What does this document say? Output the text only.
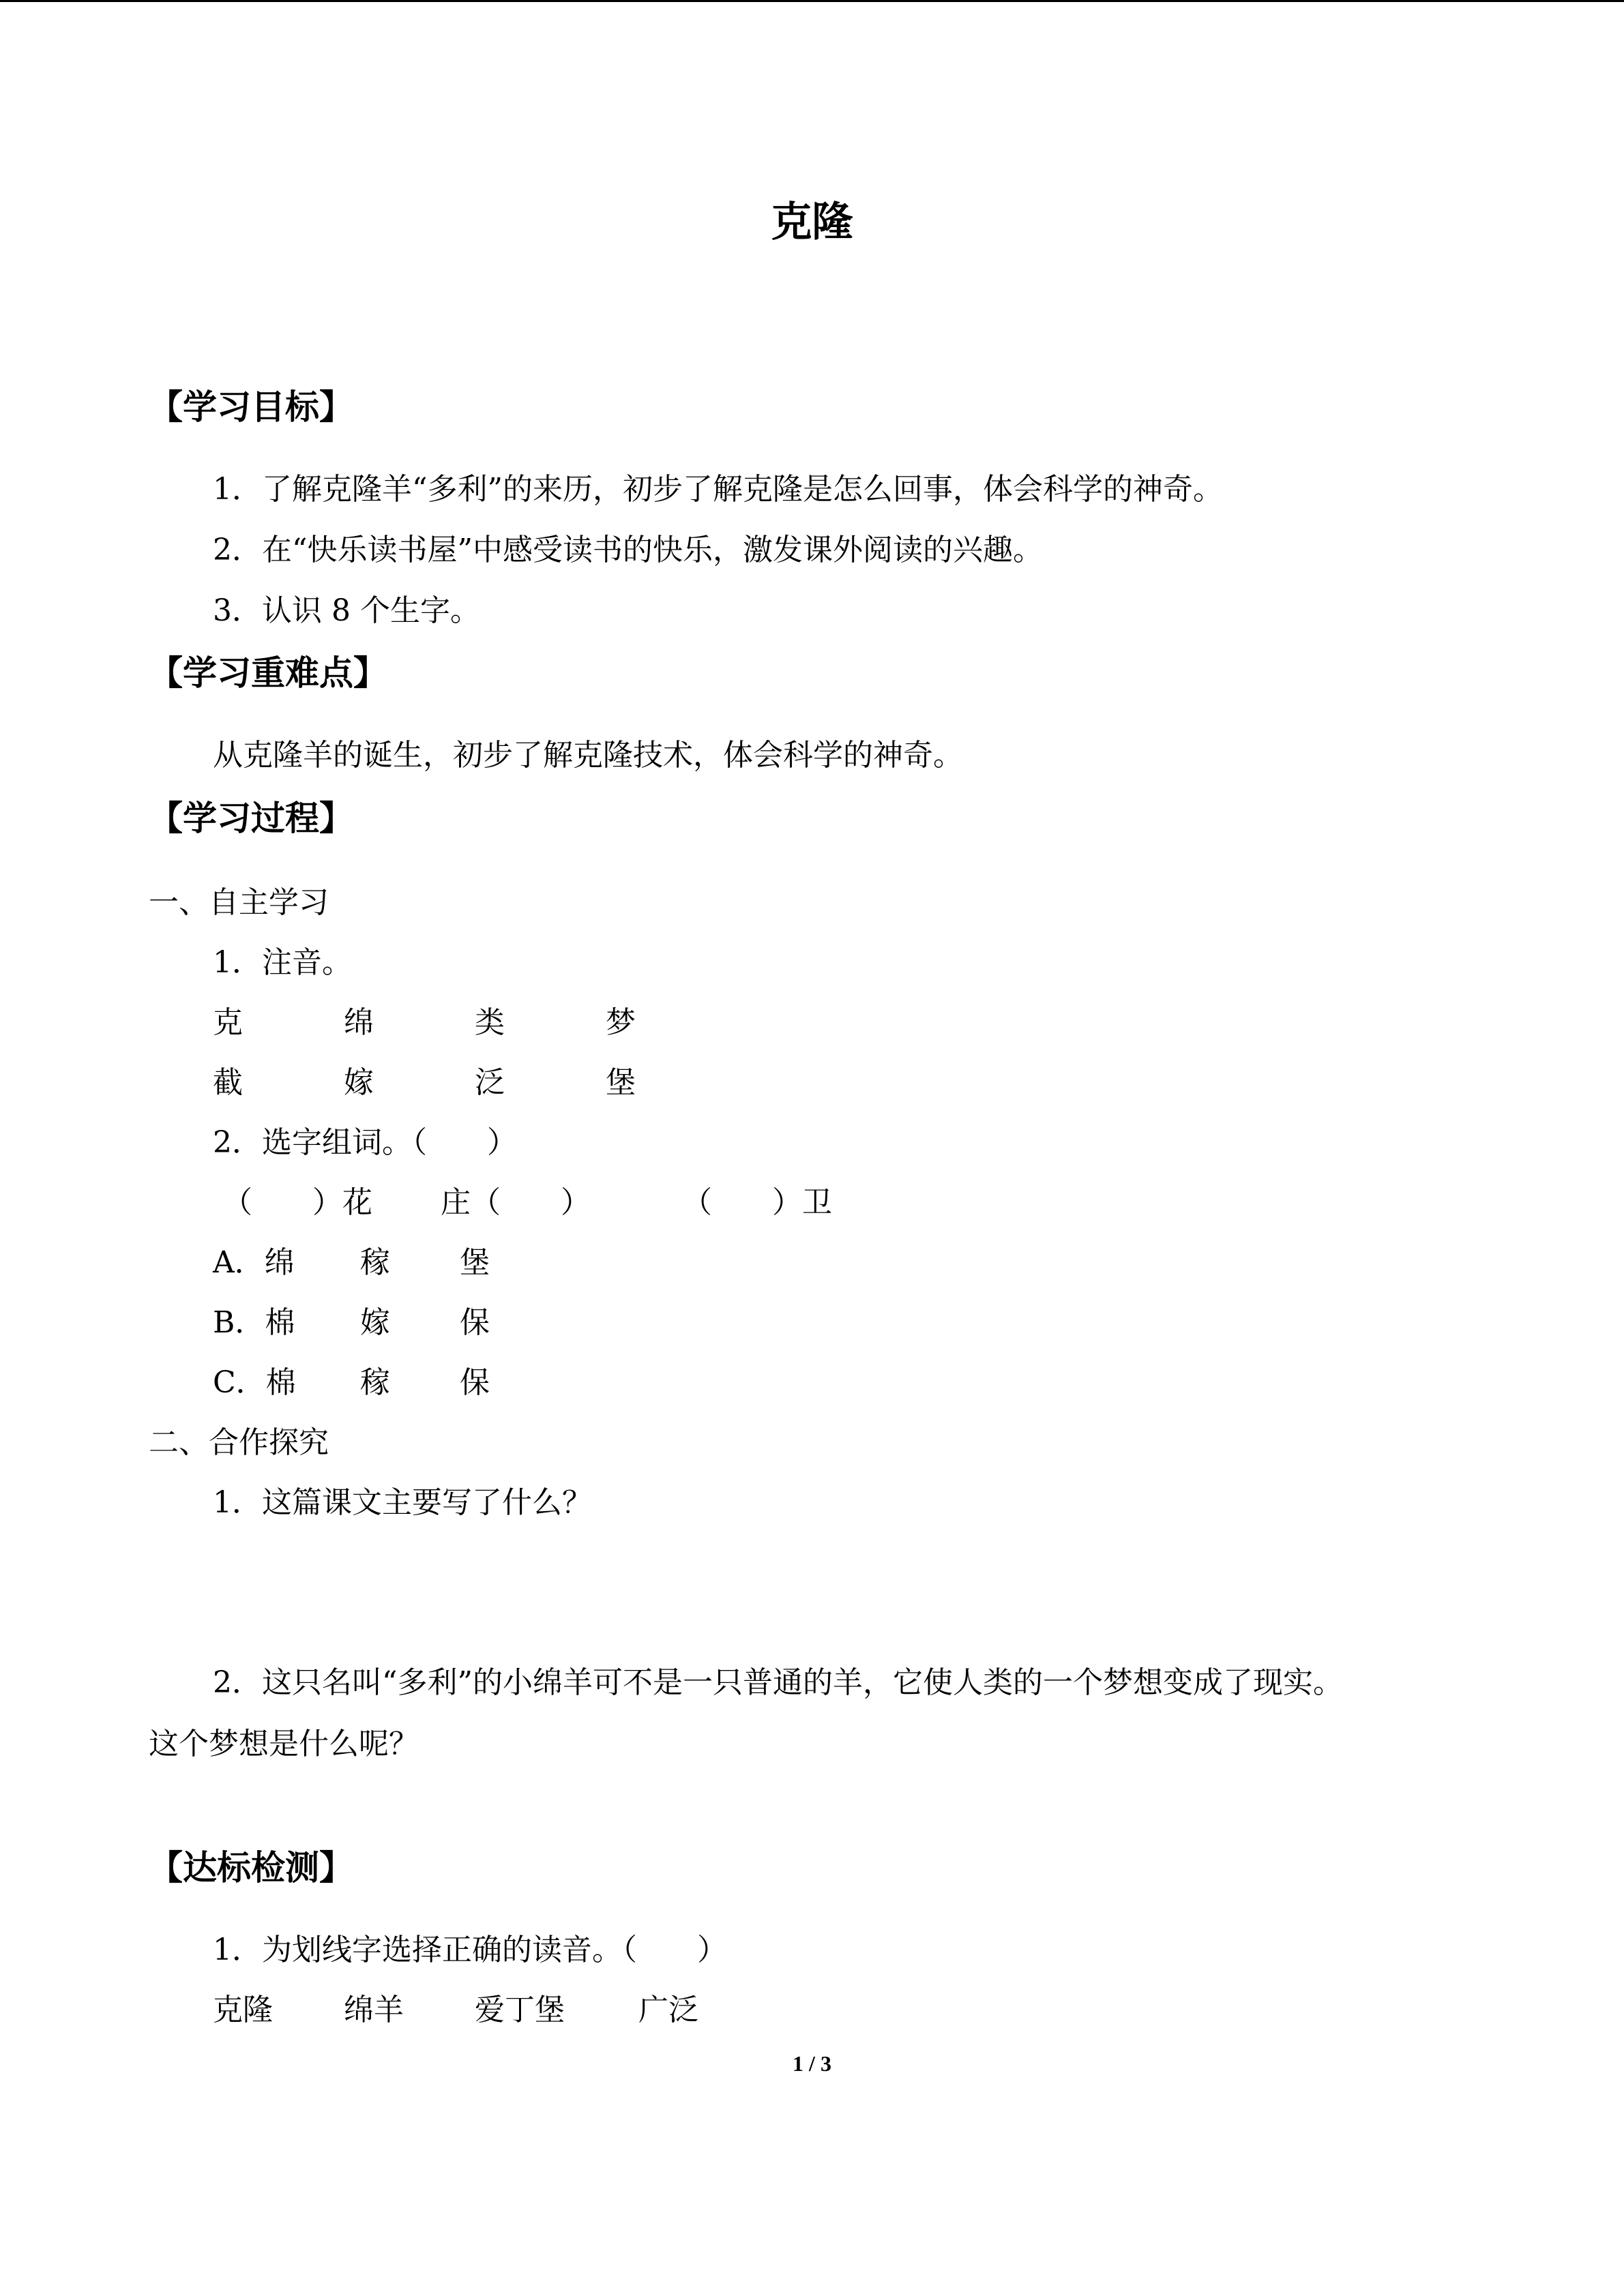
克隆
【学习目标】
1．了解克隆羊“多利”的来历，初步了解克隆是怎么回事，体会科学的神奇。
2．在“快乐读书屋”中感受读书的快乐，激发课外阅读的兴趣。
3．认识 8 个生字。
【学习重难点】
从克隆羊的诞生，初步了解克隆技术，体会科学的神奇。
【学习过程】
一、自主学习
1．注音。
克	绵	类	梦
截	嫁	泛	堡
2．选字组词。（　　）
（　　）花 庄（　　）	（　　）卫
A．绵 稼 堡
B．棉 嫁 保
C．棉 稼 保
二、合作探究
1．这篇课文主要写了什么？
2．这只名叫“多利”的小绵羊可不是一只普通的羊，它使人类的一个梦想变成了现实。
这个梦想是什么呢？
【达标检测】
1．为划线字选择正确的读音。（　　）
克隆 绵羊 爱丁堡 广泛
1 / 3
